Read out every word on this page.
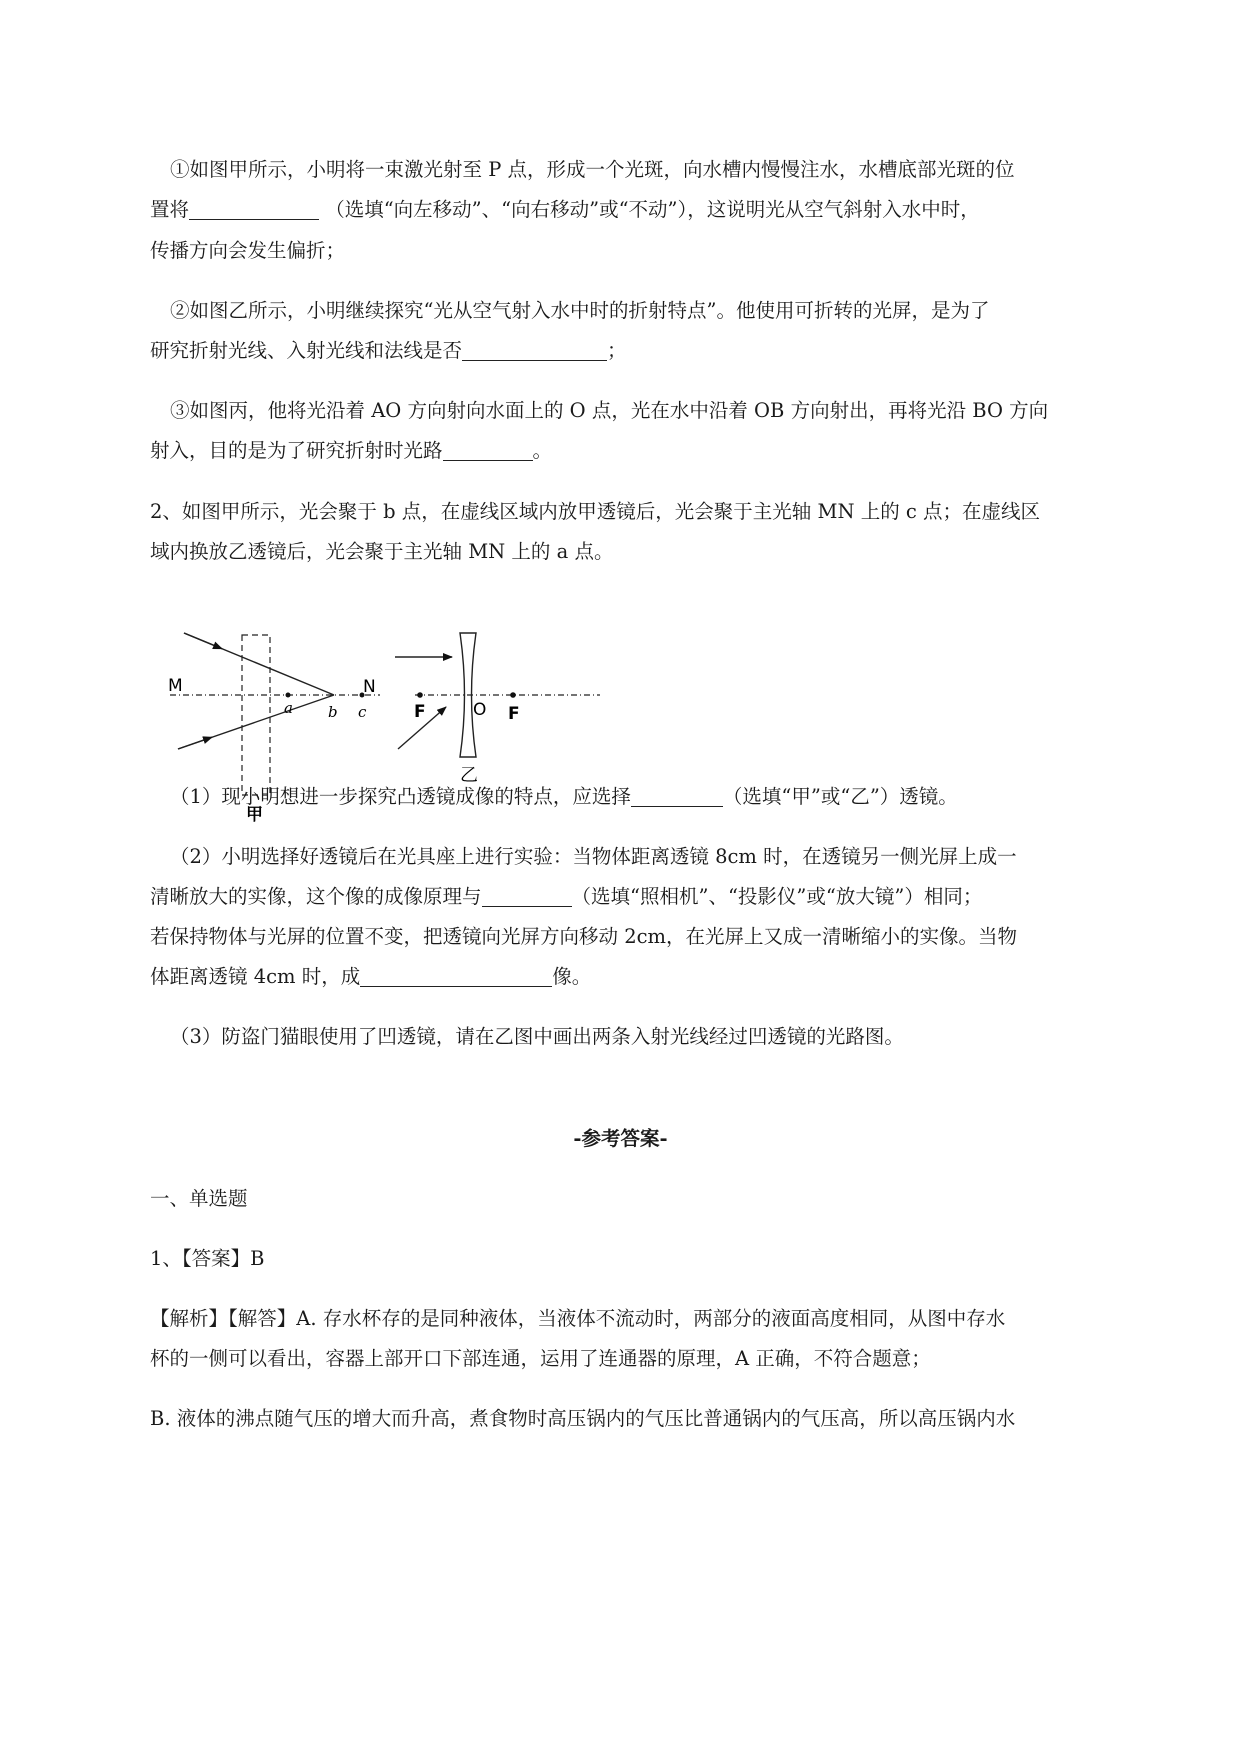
①如图甲所示，小明将一束激光射至 P 点，形成一个光斑，向水槽内慢慢注水，水槽底部光斑的位
置将	（选填“向左移动”、“向右移动”或“不动”），这说明光从空气斜射入水中时，
传播方向会发生偏折；
②如图乙所示，小明继续探究“光从空气射入水中时的折射特点”。他使用可折转的光屏，是为了
研究折射光线、入射光线和法线是否	；
③如图丙，他将光沿着 AO 方向射向水面上的 O 点，光在水中沿着 OB 方向射出，再将光沿 BO 方向
射入，目的是为了研究折射时光路	。
2、如图甲所示，光会聚于 b 点，在虚线区域内放甲透镜后，光会聚于主光轴 MN 上的 c 点；在虚线区
域内换放乙透镜后，光会聚于主光轴 MN 上的 a 点。
M	N
a b c
甲
F	O F
乙
（1）现小明想进一步探究凸透镜成像的特点，应选择	（选填“甲”或“乙”）透镜。
（2）小明选择好透镜后在光具座上进行实验：当物体距离透镜 8cm 时，在透镜另一侧光屏上成一
清晰放大的实像，这个像的成像原理与	（选填“照相机”、“投影仪”或“放大镜”）相同；
若保持物体与光屏的位置不变，把透镜向光屏方向移动 2cm，在光屏上又成一清晰缩小的实像。当物
体距离透镜 4cm 时，成	像。
（3）防盗门猫眼使用了凹透镜，请在乙图中画出两条入射光线经过凹透镜的光路图。
-参考答案-
一、单选题
1、【答案】B
【解析】【解答】A. 存水杯存的是同种液体，当液体不流动时，两部分的液面高度相同，从图中存水
杯的一侧可以看出，容器上部开口下部连通，运用了连通器的原理，A 正确，不符合题意；
B. 液体的沸点随气压的增大而升高，煮食物时高压锅内的气压比普通锅内的气压高，所以高压锅内水
